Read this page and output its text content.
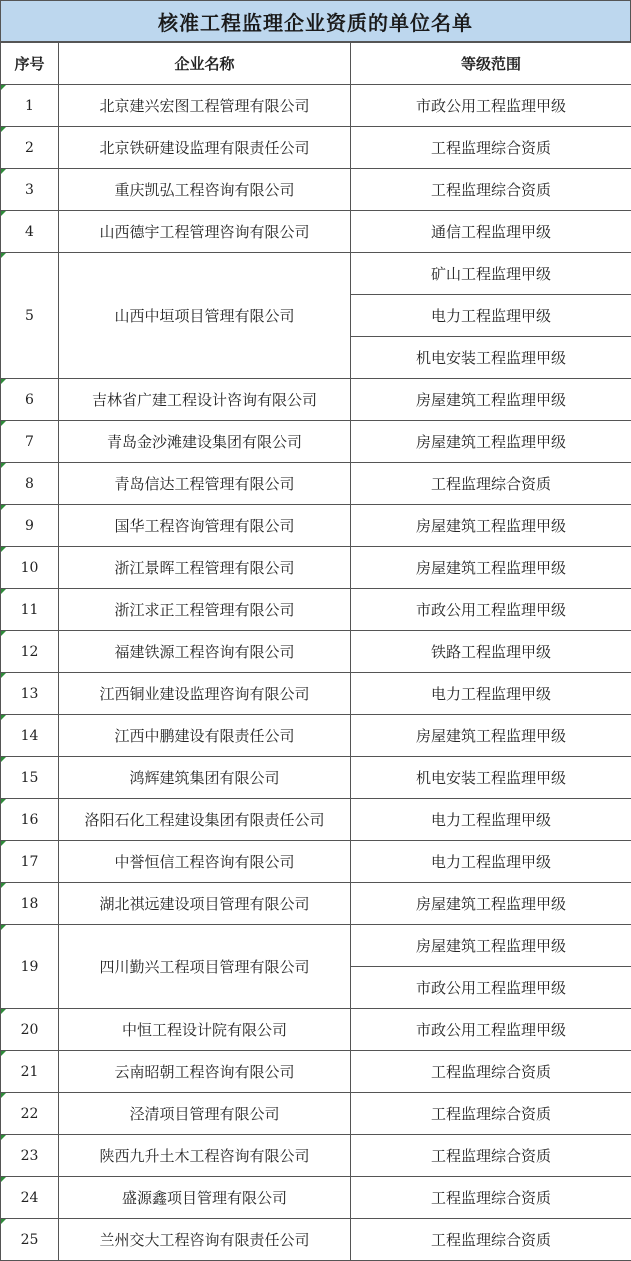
核准工程监理企业资质的单位名单
序号	企业名称	等级范围
1	北京建兴宏图工程管理有限公司	市政公用工程监理甲级
2	北京铁研建设监理有限责任公司	工程监理综合资质
3	重庆凯弘工程咨询有限公司	工程监理综合资质
4	山西德宇工程管理咨询有限公司	通信工程监理甲级
5	山西中垣项目管理有限公司	矿山工程监理甲级
		电力工程监理甲级
		机电安装工程监理甲级
6	吉林省广建工程设计咨询有限公司	房屋建筑工程监理甲级
7	青岛金沙滩建设集团有限公司	房屋建筑工程监理甲级
8	青岛信达工程管理有限公司	工程监理综合资质
9	国华工程咨询管理有限公司	房屋建筑工程监理甲级
10	浙江景晖工程管理有限公司	房屋建筑工程监理甲级
11	浙江求正工程管理有限公司	市政公用工程监理甲级
12	福建铁源工程咨询有限公司	铁路工程监理甲级
13	江西铜业建设监理咨询有限公司	电力工程监理甲级
14	江西中鹏建设有限责任公司	房屋建筑工程监理甲级
15	鸿辉建筑集团有限公司	机电安装工程监理甲级
16	洛阳石化工程建设集团有限责任公司	电力工程监理甲级
17	中誉恒信工程咨询有限公司	电力工程监理甲级
18	湖北祺远建设项目管理有限公司	房屋建筑工程监理甲级
19	四川勤兴工程项目管理有限公司	房屋建筑工程监理甲级
		市政公用工程监理甲级
20	中恒工程设计院有限公司	市政公用工程监理甲级
21	云南昭朝工程咨询有限公司	工程监理综合资质
22	泾清项目管理有限公司	工程监理综合资质
23	陕西九升土木工程咨询有限公司	工程监理综合资质
24	盛源鑫项目管理有限公司	工程监理综合资质
25	兰州交大工程咨询有限责任公司	工程监理综合资质
